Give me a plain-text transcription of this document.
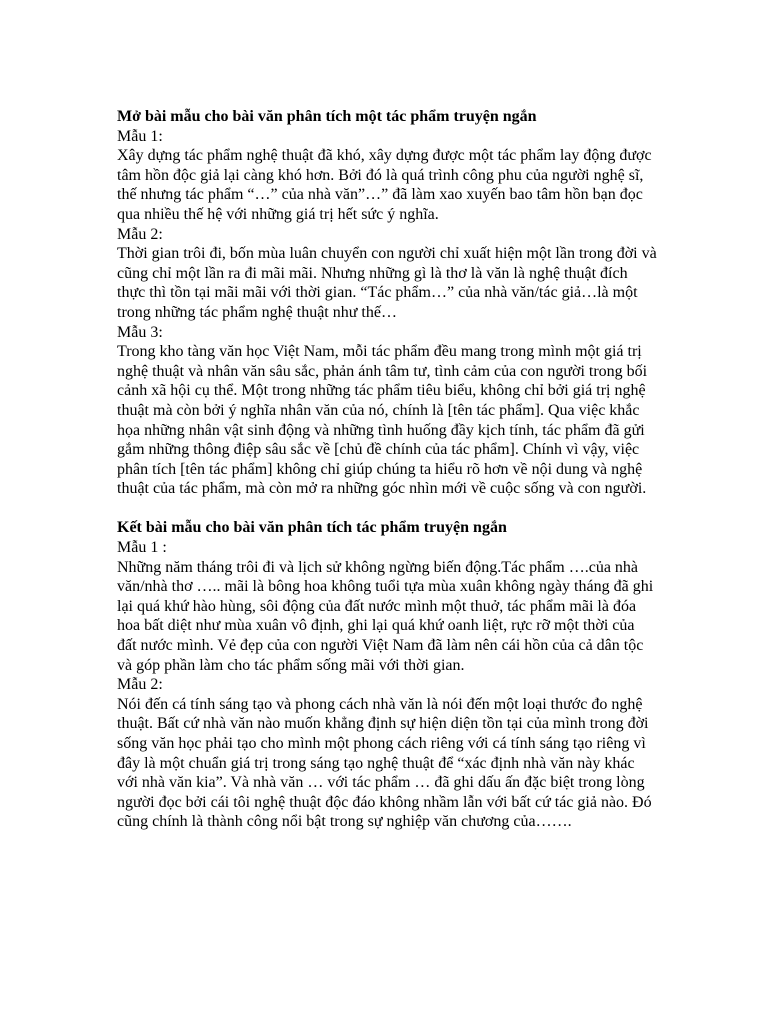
Mở bài mẫu cho bài văn phân tích một tác phẩm truyện ngắn

Mẫu 1:

Xây dựng tác phẩm nghệ thuật đã khó, xây dựng được một tác phẩm lay động được tâm hồn độc giả lại càng khó hơn. Bởi đó là quá trình công phu của người nghệ sĩ, thế nhưng tác phẩm “…” của nhà văn”…” đã làm xao xuyến bao tâm hồn bạn đọc qua nhiều thế hệ với những giá trị hết sức ý nghĩa.

Mẫu 2:

Thời gian trôi đi, bốn mùa luân chuyển con người chỉ xuất hiện một lần trong đời và cũng chỉ một lần ra đi mãi mãi. Nhưng những gì là thơ là văn là nghệ thuật đích thực thì tồn tại mãi mãi với thời gian. “Tác phẩm…” của nhà văn/tác giả…là một trong những tác phẩm nghệ thuật như thế…

Mẫu 3:

Trong kho tàng văn học Việt Nam, mỗi tác phẩm đều mang trong mình một giá trị nghệ thuật và nhân văn sâu sắc, phản ánh tâm tư, tình cảm của con người trong bối cảnh xã hội cụ thể. Một trong những tác phẩm tiêu biểu, không chỉ bởi giá trị nghệ thuật mà còn bởi ý nghĩa nhân văn của nó, chính là [tên tác phẩm]. Qua việc khắc họa những nhân vật sinh động và những tình huống đầy kịch tính, tác phẩm đã gửi gắm những thông điệp sâu sắc về [chủ đề chính của tác phẩm]. Chính vì vậy, việc phân tích [tên tác phẩm] không chỉ giúp chúng ta hiểu rõ hơn về nội dung và nghệ thuật của tác phẩm, mà còn mở ra những góc nhìn mới về cuộc sống và con người.

Kết bài mẫu cho bài văn phân tích tác phẩm truyện ngắn

Mẫu 1 :

Những năm tháng trôi đi và lịch sử không ngừng biến động.Tác phẩm ….của nhà văn/nhà thơ ….. mãi là bông hoa không tuổi tựa mùa xuân không ngày tháng đã ghi lại quá khứ hào hùng, sôi động của đất nước mình một thuở, tác phẩm mãi là đóa hoa bất diệt như mùa xuân vô định, ghi lại quá khứ oanh liệt, rực rỡ một thời của đất nước mình. Vẻ đẹp của con người Việt Nam đã làm nên cái hồn của cả dân tộc và góp phần làm cho tác phẩm sống mãi với thời gian.

Mẫu 2:

Nói đến cá tính sáng tạo và phong cách nhà văn là nói đến một loại thước đo nghệ thuật. Bất cứ nhà văn nào muốn khẳng định sự hiện diện tồn tại của mình trong đời sống văn học phải tạo cho mình một phong cách riêng với cá tính sáng tạo riêng vì đây là một chuẩn giá trị trong sáng tạo nghệ thuật để “xác định nhà văn này khác với nhà văn kia”. Và nhà văn … với tác phẩm … đã ghi dấu ấn đặc biệt trong lòng người đọc bởi cái tôi nghệ thuật độc đáo không nhầm lẫn với bất cứ tác giả nào. Đó cũng chính là thành công nổi bật trong sự nghiệp văn chương của…….
